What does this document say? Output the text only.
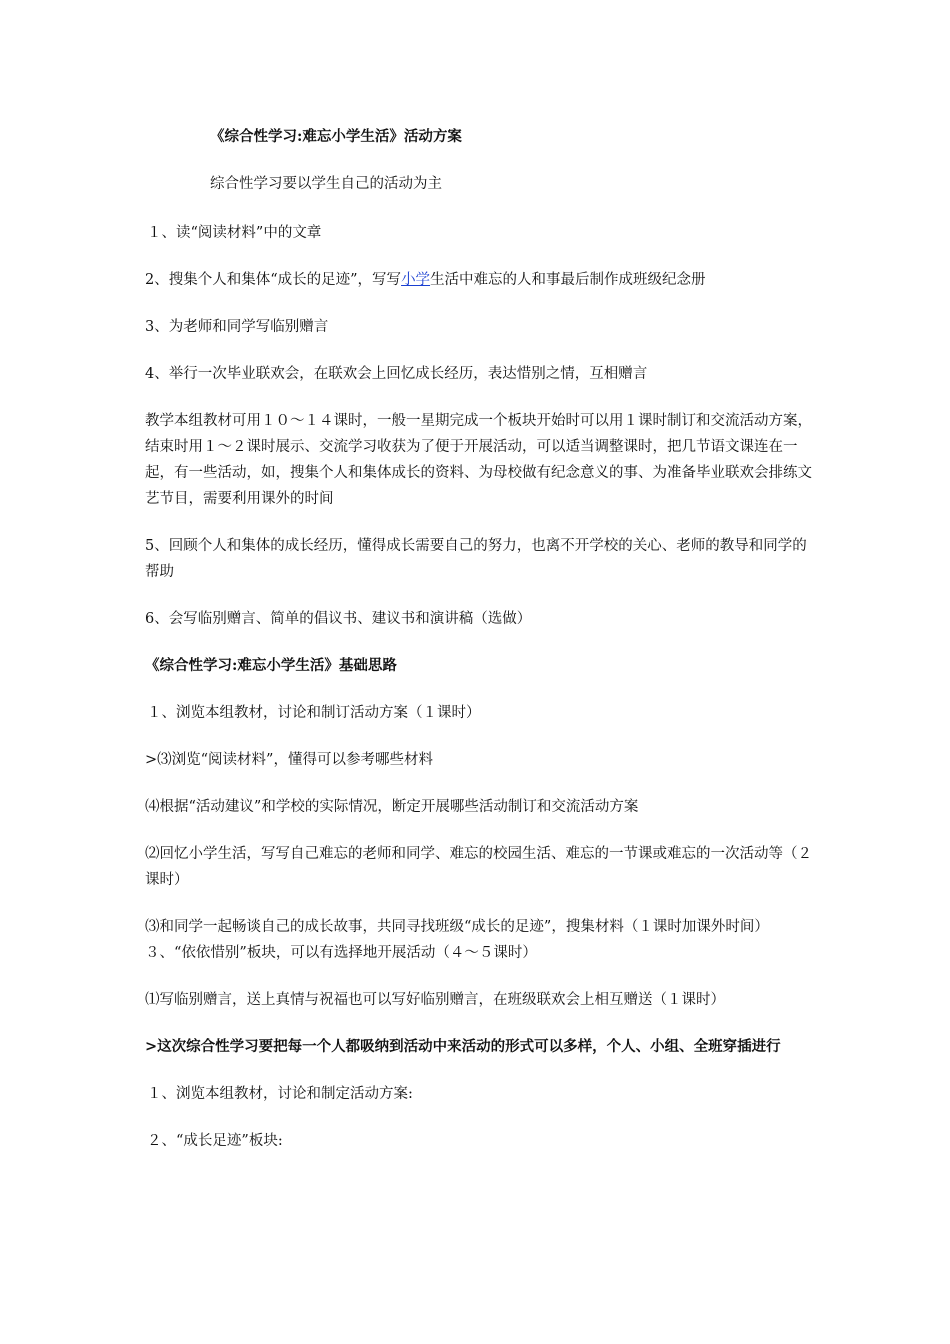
《综合性学习:难忘小学生活》活动方案

综合性学习要以学生自己的活动为主

１、读“阅读材料”中的文章

2、搜集个人和集体“成长的足迹”，写写小学生活中难忘的人和事最后制作成班级纪念册

3、为老师和同学写临别赠言

4、举行一次毕业联欢会，在联欢会上回忆成长经历，表达惜别之情，互相赠言

教学本组教材可用１０～１４课时，一般一星期完成一个板块开始时可以用１课时制订和交流活动方案，结束时用１～２课时展示、交流学习收获为了便于开展活动，可以适当调整课时，把几节语文课连在一起，有一些活动，如，搜集个人和集体成长的资料、为母校做有纪念意义的事、为准备毕业联欢会排练文艺节目，需要利用课外的时间

5、回顾个人和集体的成长经历，懂得成长需要自己的努力，也离不开学校的关心、老师的教导和同学的帮助

6、会写临别赠言、简单的倡议书、建议书和演讲稿（选做）

《综合性学习:难忘小学生活》基础思路

１、浏览本组教材，讨论和制订活动方案（１课时）

>⑶浏览“阅读材料”，懂得可以参考哪些材料

⑷根据“活动建议”和学校的实际情况，断定开展哪些活动制订和交流活动方案

⑵回忆小学生活，写写自己难忘的老师和同学、难忘的校园生活、难忘的一节课或难忘的一次活动等（２课时）

⑶和同学一起畅谈自己的成长故事，共同寻找班级“成长的足迹”，搜集材料（１课时加课外时间）３、“依依惜别”板块，可以有选择地开展活动（４～５课时）

⑴写临别赠言，送上真情与祝福也可以写好临别赠言，在班级联欢会上相互赠送（１课时）

>这次综合性学习要把每一个人都吸纳到活动中来活动的形式可以多样，个人、小组、全班穿插进行

１、浏览本组教材，讨论和制定活动方案:

２、“成长足迹”板块:
